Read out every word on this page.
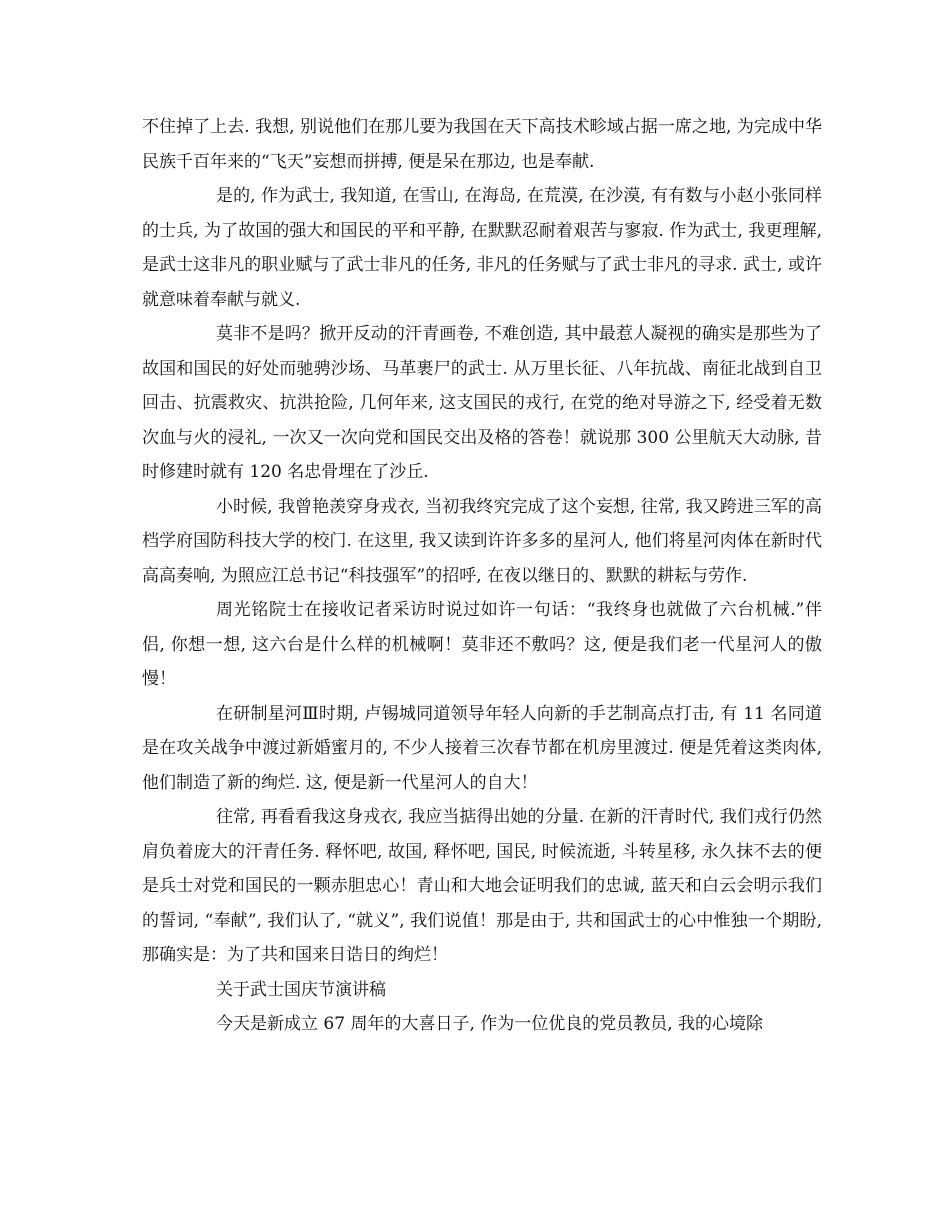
不住掉了上去. 我想, 别说他们在那儿要为我国在天下高技术畛域占据一席之地, 为完成中华民族千百年来的“飞天”妄想而拼搏, 便是呆在那边, 也是奉献.

是的, 作为武士, 我知道, 在雪山, 在海岛, 在荒漠, 在沙漠, 有有数与小赵小张同样的士兵, 为了故国的强大和国民的平和平静, 在默默忍耐着艰苦与寥寂. 作为武士, 我更理解, 是武士这非凡的职业赋与了武士非凡的任务, 非凡的任务赋与了武士非凡的寻求. 武士, 或许就意味着奉献与就义.

莫非不是吗？掀开反动的汗青画卷, 不难创造, 其中最惹人凝视的确实是那些为了故国和国民的好处而驰骋沙场、马革裹尸的武士. 从万里长征、八年抗战、南征北战到自卫回击、抗震救灾、抗洪抢险, 几何年来, 这支国民的戎行, 在党的绝对导游之下, 经受着无数次血与火的浸礼, 一次又一次向党和国民交出及格的答卷！就说那 300 公里航天大动脉, 昔时修建时就有 120 名忠骨埋在了沙丘.

小时候, 我曾艳羡穿身戎衣, 当初我终究完成了这个妄想, 往常, 我又跨进三军的高档学府国防科技大学的校门. 在这里, 我又读到许许多多的星河人, 他们将星河肉体在新时代高高奏响, 为照应江总书记“科技强军”的招呼, 在夜以继日的、默默的耕耘与劳作.

周光铭院士在接收记者采访时说过如许一句话：“我终身也就做了六台机械.”伴侣, 你想一想, 这六台是什么样的机械啊！莫非还不敷吗？这, 便是我们老一代星河人的傲慢！

在研制星河Ⅲ时期, 卢锡城同道领导年轻人向新的手艺制高点打击, 有 11 名同道是在攻关战争中渡过新婚蜜月的, 不少人接着三次春节都在机房里渡过. 便是凭着这类肉体, 他们制造了新的绚烂. 这, 便是新一代星河人的自大！

往常, 再看看我这身戎衣, 我应当掂得出她的分量. 在新的汗青时代, 我们戎行仍然肩负着庞大的汗青任务. 释怀吧, 故国, 释怀吧, 国民, 时候流逝, 斗转星移, 永久抹不去的便是兵士对党和国民的一颗赤胆忠心！青山和大地会证明我们的忠诚, 蓝天和白云会明示我们的誓词, “奉献”, 我们认了, “就义”, 我们说值！那是由于, 共和国武士的心中惟独一个期盼, 那确实是：为了共和国来日诰日的绚烂！

关于武士国庆节演讲稿

今天是新成立 67 周年的大喜日子, 作为一位优良的党员教员, 我的心境除
